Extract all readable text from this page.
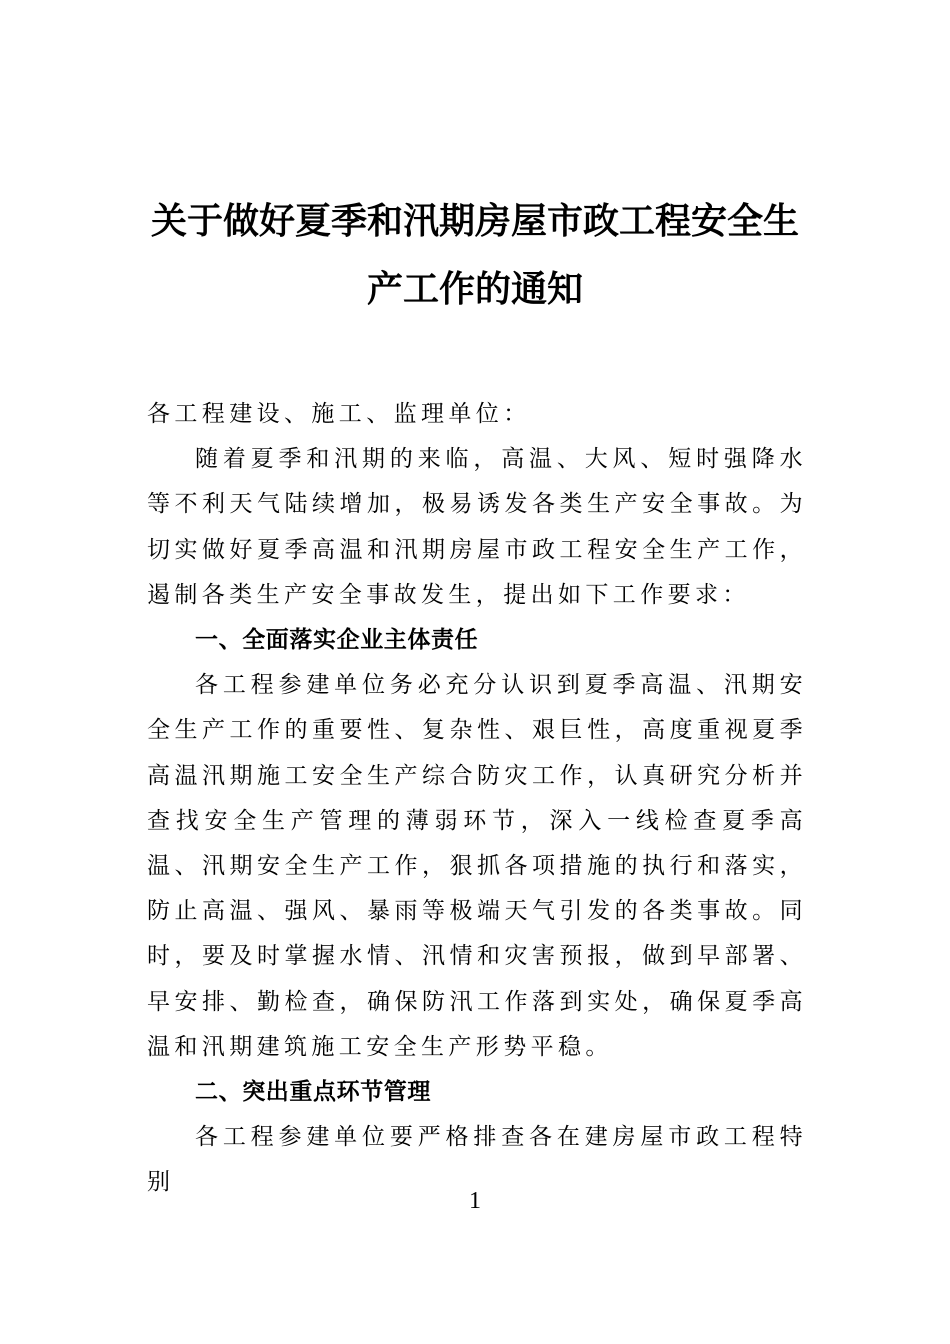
关于做好夏季和汛期房屋市政工程安全生
产工作的通知

各工程建设、施工、监理单位：

随着夏季和汛期的来临，高温、大风、短时强降水等不利天气陆续增加，极易诱发各类生产安全事故。为切实做好夏季高温和汛期房屋市政工程安全生产工作，遏制各类生产安全事故发生，提出如下工作要求：

一、全面落实企业主体责任

各工程参建单位务必充分认识到夏季高温、汛期安全生产工作的重要性、复杂性、艰巨性，高度重视夏季高温汛期施工安全生产综合防灾工作，认真研究分析并查找安全生产管理的薄弱环节，深入一线检查夏季高温、汛期安全生产工作，狠抓各项措施的执行和落实，防止高温、强风、暴雨等极端天气引发的各类事故。同时，要及时掌握水情、汛情和灾害预报，做到早部署、早安排、勤检查，确保防汛工作落到实处，确保夏季高温和汛期建筑施工安全生产形势平稳。

二、突出重点环节管理

各工程参建单位要严格排查各在建房屋市政工程特别

1
